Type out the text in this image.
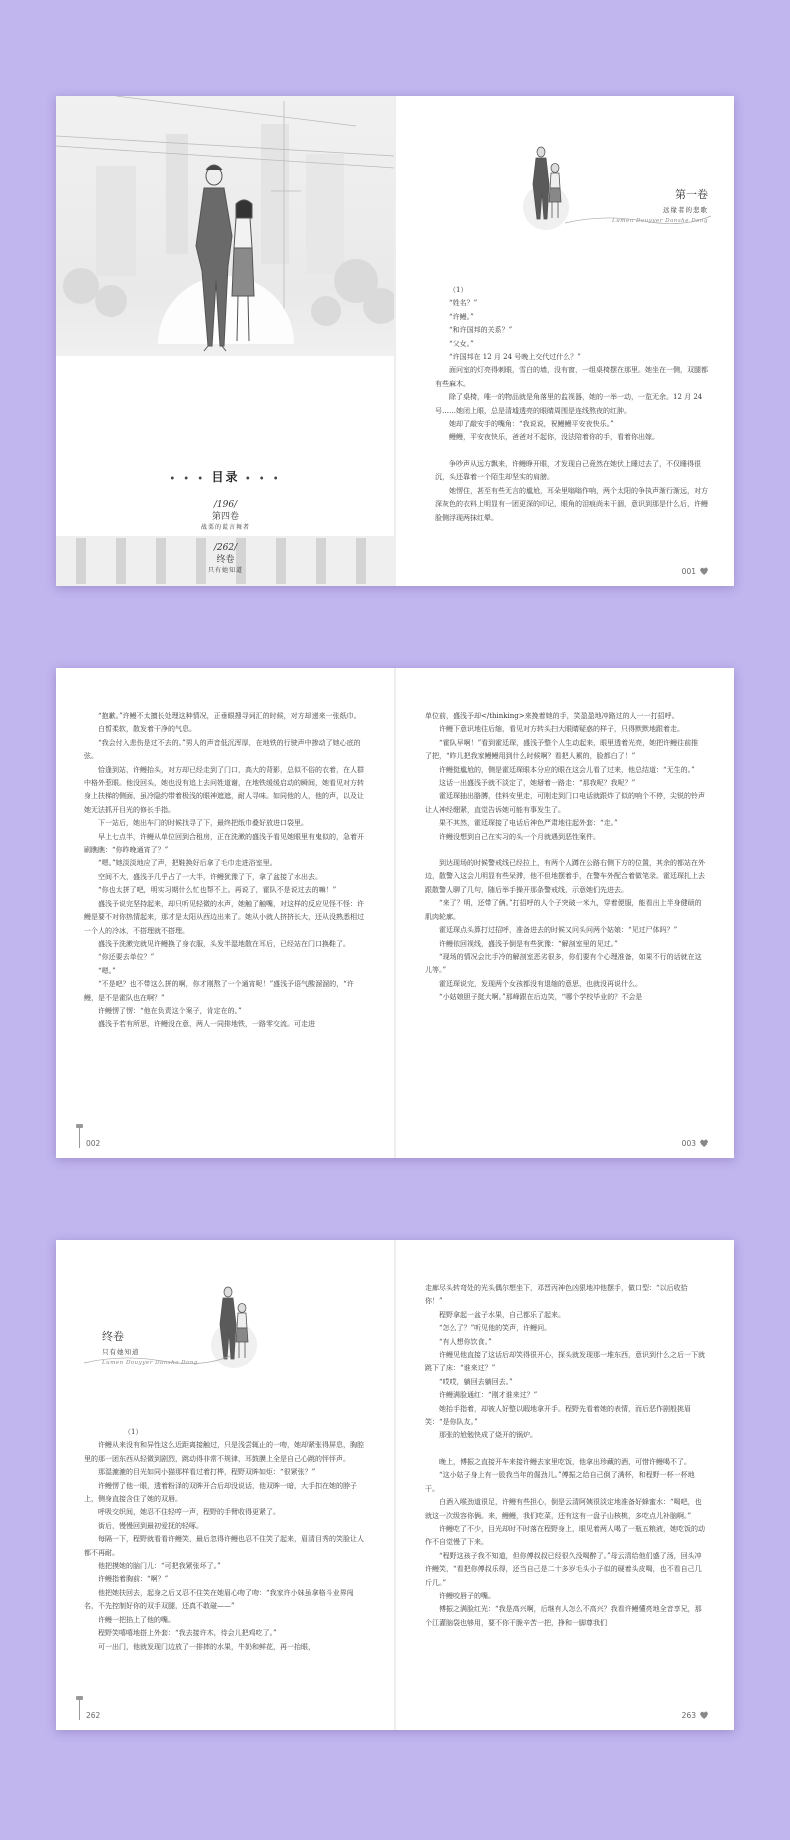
• • • 目录 • • •
/196/
第四卷
战栗的谎言舞者
/262/
终卷
只有她知道
第一卷
远缘者的悲歌
Lumen Douyyer Danshe Dong

（1）

“姓名？”

“许鳗。”

“和许国邦的关系？”

“父女。”

“许国邦在 12 月 24 号晚上交代过什么？”

面问室的灯亮得刺眼，雪白的墙，没有窗，一组桌椅摆在那里。她坐在一侧，双腿都有些麻木。

除了桌椅，唯一的物品就是角落里的监视器，她的一举一动，一览无余。12 月 24 号……她闭上眼，总是清墟透亮的眼睛周围是连线熬夜的红肿。

她却了敲安手的嘴角：“我说说，祝鳗鳗平安夜快乐。”

鳗鳗，平安夜快乐，爸爸对不起你，没法陪着你的手，看着你出嫁。

争吵声从远方飘来，许鳗睁开眼，才发现自己竟然在她伏上睡过去了，不仅睡得很沉，头还靠着一个陌生却坚实的肩膀。

她愣住，甚至有些无言的尴尬，耳朵里嗡嗡作响，两个太阳的争执声渐行渐远，对方深灰色的衣料上明显有一团更深的印记，眼角的泪痕尚未干涸，意识到那是什么后，许鳗脸侧浮现两抹红晕。

001

“抱歉。”许鳗不太擅长处理这种情况，正垂眼搜寻词汇的时候，对方却递来一张纸巾。

白皙柔软，散发着干净的气息。

“我会付入悲伤是过不去的。”男人的声音低沉浑厚，在地铁的行驶声中掺动了她心底的弦。

恰逢到站，许鳗抬头，对方却已经走到了门口，高大的背影，总似不俗的衣着，在人群中格外惹眼。他没回头，她也没有追上去问姓道谢，在地铁缓缓启动的瞬间，她看见对方转身上扶梯的侧面，虽冷隐约带着极浅的眼神遮遮，耐人寻味。如同他的人，他的声，以及让她无法抓开目光的修长手指。

下一站后，她出车门的时候找寻了下，最终把纸巾叠好放进口袋里。

早上七点半，许鳗从单位回到合租房，正在洗漱的盛浅予看见她眼里有鬼似的，急着开刷瞧瞧：“你昨晚通宵了？”

“嗯。”她淡淡地应了声，把鞋换好后拿了毛巾走进浴室里。

空间不大，盛浅予几乎占了一大半，许鳗犹豫了下，拿了盆接了水出去。

“你也太拼了吧，明实习期什么忙也帮不上。再说了，霍队不是说过去的嘛！”

盛浅予说完坚持起来，却只听见轻微的水声，她触了触嘴，对这样的反应见怪不怪：许鳗是要不对你热情起来，那才是太阳从西边出来了。她从小就人挤挤长大，还从没熟悉相过一个人的冷冰，不搭理就不搭理。

盛浅予洗漱完就见许鳗换了身衣服，头发半湿地散在耳后，已经站在门口换鞋了。

“你还要去单位？”

“嗯。”

“不是吧？也不带这么拼的啊，你才刚熬了一个通宵呢！”盛浅予语气酸溜溜的，“许鳗，是不是霍队也在啊？”

许鳗愣了愣：“他在负责这个案子，肯定在的。”

盛浅予若有所思，许鳗没在意，两人一同排地铁，一路零交流。可走进

002

单位前，盛浅予却</thinking>来挽着她的手，笑盈盈地冲路过的人一一打招呼。

许鳗下意识地往后缩，看见对方转头扫大眼睛疑惑的样子，只得默默地跟着走。

“霍队早啊！”看到霍廷琛，盛浅予整个人生动起来，眼里透着光亮，她把许鳗往前推了把，“昨儿把我家鳗鳗用到什么时候啊？看把人累的，脸都白了！”

许鳗挺尴尬的，侧是霍廷琛眼本分应的眼在这会儿看了过来，他总结道：“无生的。”

这话一出盛浅予就不淡定了，她掰着一路走：“那我呢？我呢？”

霍廷琛抽出胳膊，佳料安里走，可刚走到门口电话就跟炸了似的响个不停，尖锐的铃声让人神经绷紧，直觉告诉她可能有事发生了。

果不其然，霍廷琛接了电话后神色严肃地往起外套：“走。”

许鳗没想到自己在实习的头一个月就遇到恶性案件。

到达现场的时候警戒线已经拉上，有两个人蹲在公路右侧下方的位置，其余的都站在外边，散警入这会儿明显有些呆滞，他不但地摆着手，在警车外配合着做笔录。霍廷琛扎上去跟散警人聊了几句，随后举手操开那条警戒线，示意她们先进去。

“来了？明，还带了俩。”打招呼的人个子突破一米九，穿着便服，能看出上半身健硕的肌肉轮廓。

霍廷琛点头算打过招呼，准备进去的时候又问头问两个姑娘：“见过尸体吗？”

许鳗依回视线，盛浅予倒是有些犹豫：“解剖室里的见过。”

“现场的情况会比手冷的解剖室恶劣很多，你们要有个心理准备，如果不行的话就在这儿等。”

霍廷琛说完，发现两个女孩都没有退缩的意思，也就没再说什么。

“小姑娘胆子挺大啊。”那峰跟在后边笑，“哪个学校毕业的？不会是

003
终卷
只有她知道
Lumen Douyyer Danshe Dong

（1）

许鳗从来没有和异性这么近距离接触过，只是浅尝辄止的一吻，她却紧张得屏息，胸腔里的那一团东西从轻微到剧烈，跳动得非常不规律，耳鼓膜上全是自己心跳的怦怦声。

那湿漉漉的目光如同小猫那样看过着打桦，程野双眸如炬：“很紧张？”

许鳗愣了他一眼，透着粉泽的双眸开合后却没说话，他双眸一暗，大手扣在她的脖子上，侧身直接含住了她的双唇。

呼吸交织间，她忍不住轻哼一声，程野的手臂收得更紧了。

街后，慢慢回到最初爱抚的轻啄。

每隔一下，程野就看看许鳗笑，最后忽得许鳗也忍不住笑了起来，眉清目秀的笑脸让人都不再耐。

他把摸她的脑门儿：“可把我紧张坏了。”

许鳗指着胸前：“啊？”

他把她扶回去，起身之后又忍不住笑在她眉心吻了吻：“我家许小妹虽拿格斗业界闯名，不先控制好你的双手双腿，还真不敢碰——”

许鳗一把掐上了他的嘴。

程野笑嘻嘻地搭上外套：“我去接许木，待会儿把鸡吃了。”

可一出门，他就发现门边放了一排摔的水果，牛奶和鲜花，再一抬眼，

262

走廊尽头转弯处的光头偶尔想坐下，邓晋丙神色凶狠地冲他摆手，做口型：“以后收拾你！”

程野拿起一盆子水果，自己都乐了起来。

“怎么了？”听见他的笑声，许鳗问。

“有人想你饮食。”

许鳗见他直接了这话后却笑得很开心，探头就发现那一堆东西，意识到什么之后一下就跳下了床：“谁来过？”

“哎哎，躺回去躺回去。”

许鳗满脸通红：“刚才谁来过？”

她抬手指着，却被人好整以暇地拿开手。程野先看着她的表情，而后恶作剧般挑眉笑：“是你队友。”

那张的尬勉快成了烧开的锅炉。

晚上，傅振之直接开车来接许鳗去家里吃饭，他拿出珍藏的酒，可惜许鳗喝不了。

“这小姑子身上有一股我当年的倔劲儿。”傅振之给自己倒了满杯，和程野一杯一杯地干。

白酒入喉劲道很足，许鳗有些担心，倒是云清阿姨很淡定地准备好蜂蜜水：“喝吧，也就这一次级容你俩。来，鳗鳗，我们吃菜，还有这有一盘子山核桃，多吃点儿补脑啊。”

许鳗吃了不少，目光却时不时落在程野身上，眼见着两人喝了一瓶五粮液，她吃饭的动作不自觉慢了下来。

“程野这孩子我不知道，但你傅叔叔已经很久没喝醉了。”母云清给他们盛了汤，回头冲许鳗笑，“看把你傅叔乐得，还当自己是二十多岁毛头小子似的硬着头皮喝，也不看自己几斤几。”

许鳗咬唇子的嘴。

傅振之满脸红光：“我是高兴啊，后继有人怎么不高兴？我看许鳗懂亮地全音享兄，那个江灌脑袋也够用，要不你干脆辛苦一把，挣和一脚尊我们

263
